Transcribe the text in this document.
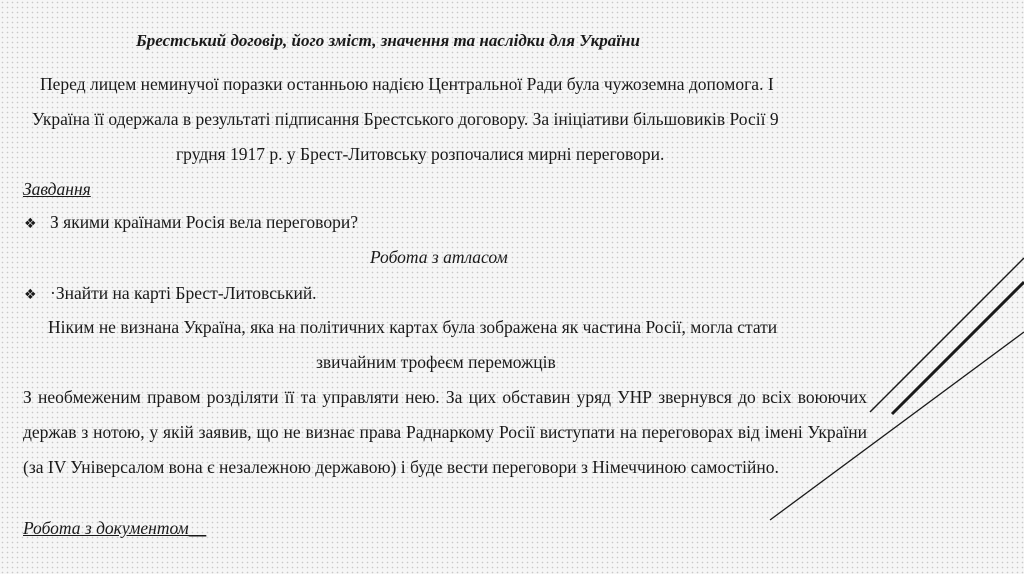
Брестський договір, його зміст, значення та наслідки для України
Перед лицем неминучої поразки останньою надією Центральної Ради була чужоземна допомога. І
Україна її одержала в результаті підписання Брестського договору. За ініціативи більшовиків Росії 9
грудня 1917 р. у Брест-Литовську розпочалися мирні переговори.
Завдання
❖ З якими країнами Росія вела переговори?
Робота з атласом
❖ ·Знайти на карті Брест-Литовський.
Ніким не визнана Україна, яка на політичних картах була зображена як частина Росії, могла стати
звичайним трофеєм переможців
З необмеженим правом розділяти її та управляти нею. За цих обставин уряд УНР звернувся до всіх воюючих держав з нотою, у якій заявив, що не визнає права Раднаркому Росії виступати на переговорах від імені України (за IV Універсалом вона є незалежною державою) і буде вести переговори з Німеччиною самостійно.
Робота з документом__
